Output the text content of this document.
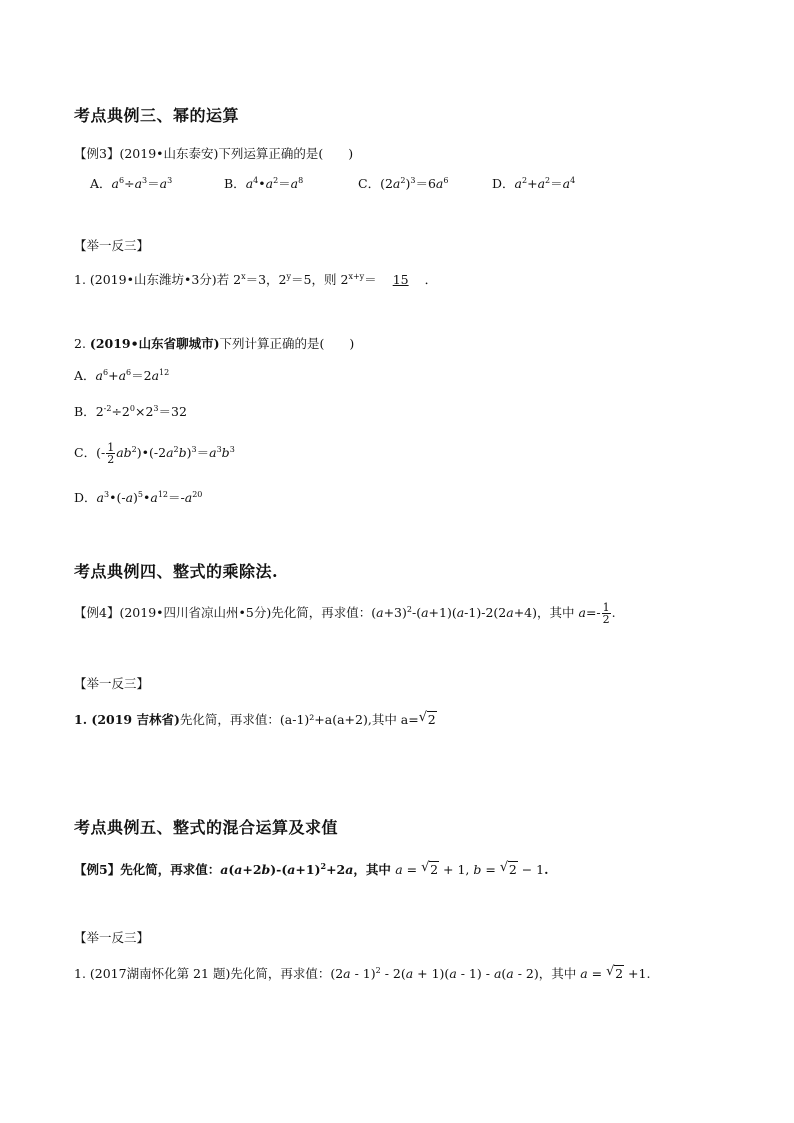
考点典例三、幂的运算
【例3】(2019•山东泰安)下列运算正确的是(　　)
A．$a^6\div a^3=a^3$	B．$a^4•a^2=a^8$	C．$(2a^2)^3=6a^6$	D．$a^2+a^2=a^4$
【举一反三】
1. (2019•山东潍坊•3分)若 $2^x=3$，$2^y=5$，则 $2^{x+y}= 15$ ．
2. (2019•山东省聊城市)下列计算正确的是(　　)
A．$a^6+a^6=2a^{12}$
B．$2^{-2}\div 2^0\times 2^3=32$
C．(- $\frac{1}{2}$ $ab^2)•(-2a^2b)^3=a^3b^3$
D．$a^3•(-a)^5•a^{12}=-a^{20}$
考点典例四、整式的乘除法.
【例4】(2019•四川省凉山州•5分)先化简，再求值：$(a+3)^2-(a+1)(a-1)-2(2a+4)$，其中 $a=- \frac{1}{2}$ .
【举一反三】
1. (2019 吉林省)先化简，再求值：(a-1)²+a(a+2),其中 a=√ 2
考点典例五、整式的混合运算及求值
【例5】先化简，再求值：$a(a+2b)-(a+1)^2+2a$，其中 a = √ 2 + 1, b = √ 2 − 1.
【举一反三】
1. (2017湖南怀化第 21 题)先化简，再求值：(2a - 1)$^2$ - 2(a + 1)(a - 1) - a(a - 2)，其中 a = √ 2 +1.
